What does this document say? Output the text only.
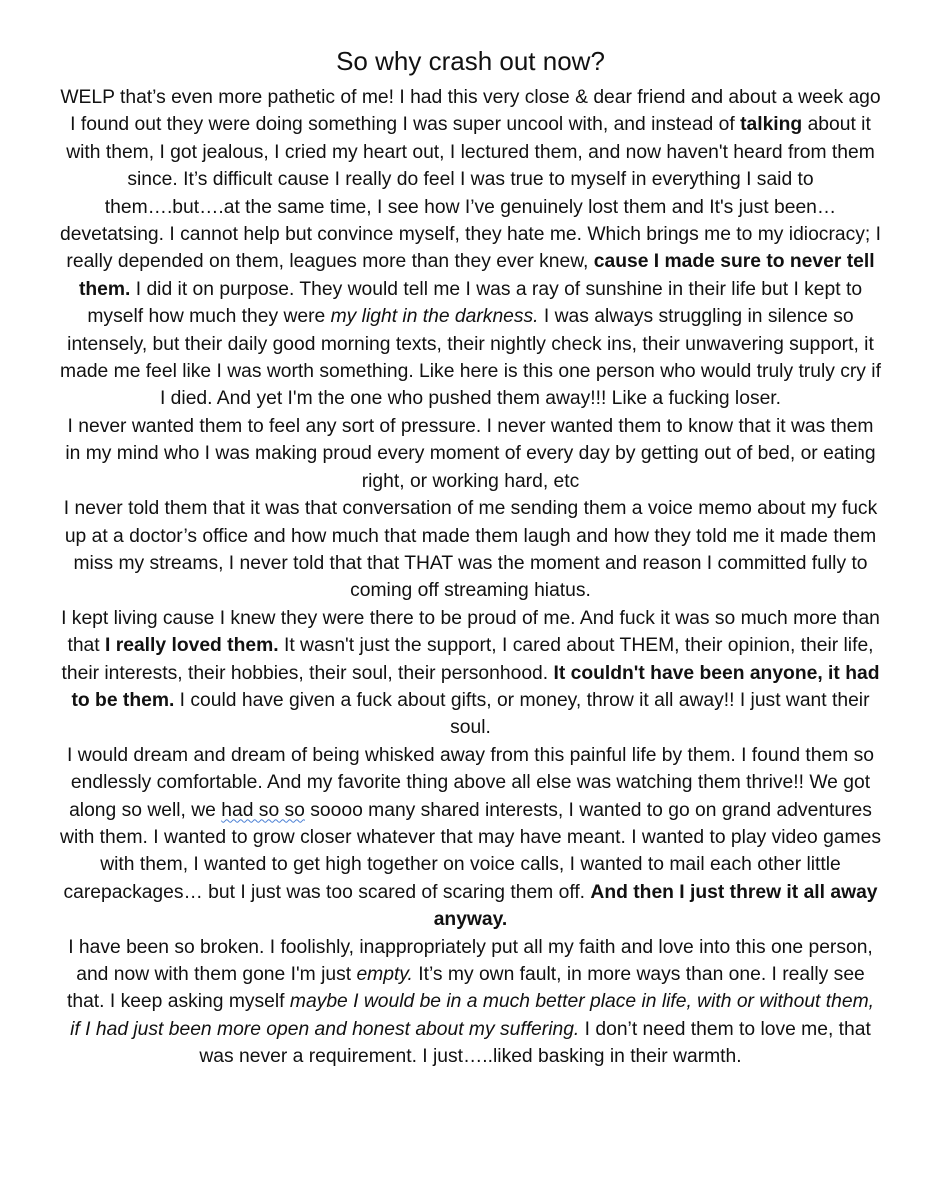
So why crash out now?

WELP that’s even more pathetic of me! I had this very close & dear friend and about a week ago I found out they were doing something I was super uncool with, and instead of talking about it with them, I got jealous, I cried my heart out, I lectured them, and now haven't heard from them since. It’s difficult cause I really do feel I was true to myself in everything I said to them….but….at the same time, I see how I’ve genuinely lost them and It's just been…devetatsing. I cannot help but convince myself, they hate me. Which brings me to my idiocracy; I really depended on them, leagues more than they ever knew, cause I made sure to never tell them. I did it on purpose. They would tell me I was a ray of sunshine in their life but I kept to myself how much they were my light in the darkness. I was always struggling in silence so intensely, but their daily good morning texts, their nightly check ins, their unwavering support, it made me feel like I was worth something. Like here is this one person who would truly truly cry if I died. And yet I'm the one who pushed them away!!! Like a fucking loser.

I never wanted them to feel any sort of pressure. I never wanted them to know that it was them in my mind who I was making proud every moment of every day by getting out of bed, or eating right, or working hard, etc

I never told them that it was that conversation of me sending them a voice memo about my fuck up at a doctor’s office and how much that made them laugh and how they told me it made them miss my streams, I never told that that THAT was the moment and reason I committed fully to coming off streaming hiatus.

I kept living cause I knew they were there to be proud of me. And fuck it was so much more than that I really loved them. It wasn't just the support, I cared about THEM, their opinion, their life, their interests, their hobbies, their soul, their personhood. It couldn't have been anyone, it had to be them. I could have given a fuck about gifts, or money, throw it all away!! I just want their soul.

I would dream and dream of being whisked away from this painful life by them. I found them so endlessly comfortable. And my favorite thing above all else was watching them thrive!! We got along so well, we had so so soooo many shared interests, I wanted to go on grand adventures with them. I wanted to grow closer whatever that may have meant. I wanted to play video games with them, I wanted to get high together on voice calls, I wanted to mail each other little carepackages… but I just was too scared of scaring them off. And then I just threw it all away anyway.

I have been so broken. I foolishly, inappropriately put all my faith and love into this one person, and now with them gone I'm just empty. It’s my own fault, in more ways than one. I really see that. I keep asking myself maybe I would be in a much better place in life, with or without them, if I had just been more open and honest about my suffering. I don’t need them to love me, that was never a requirement. I just…..liked basking in their warmth.
